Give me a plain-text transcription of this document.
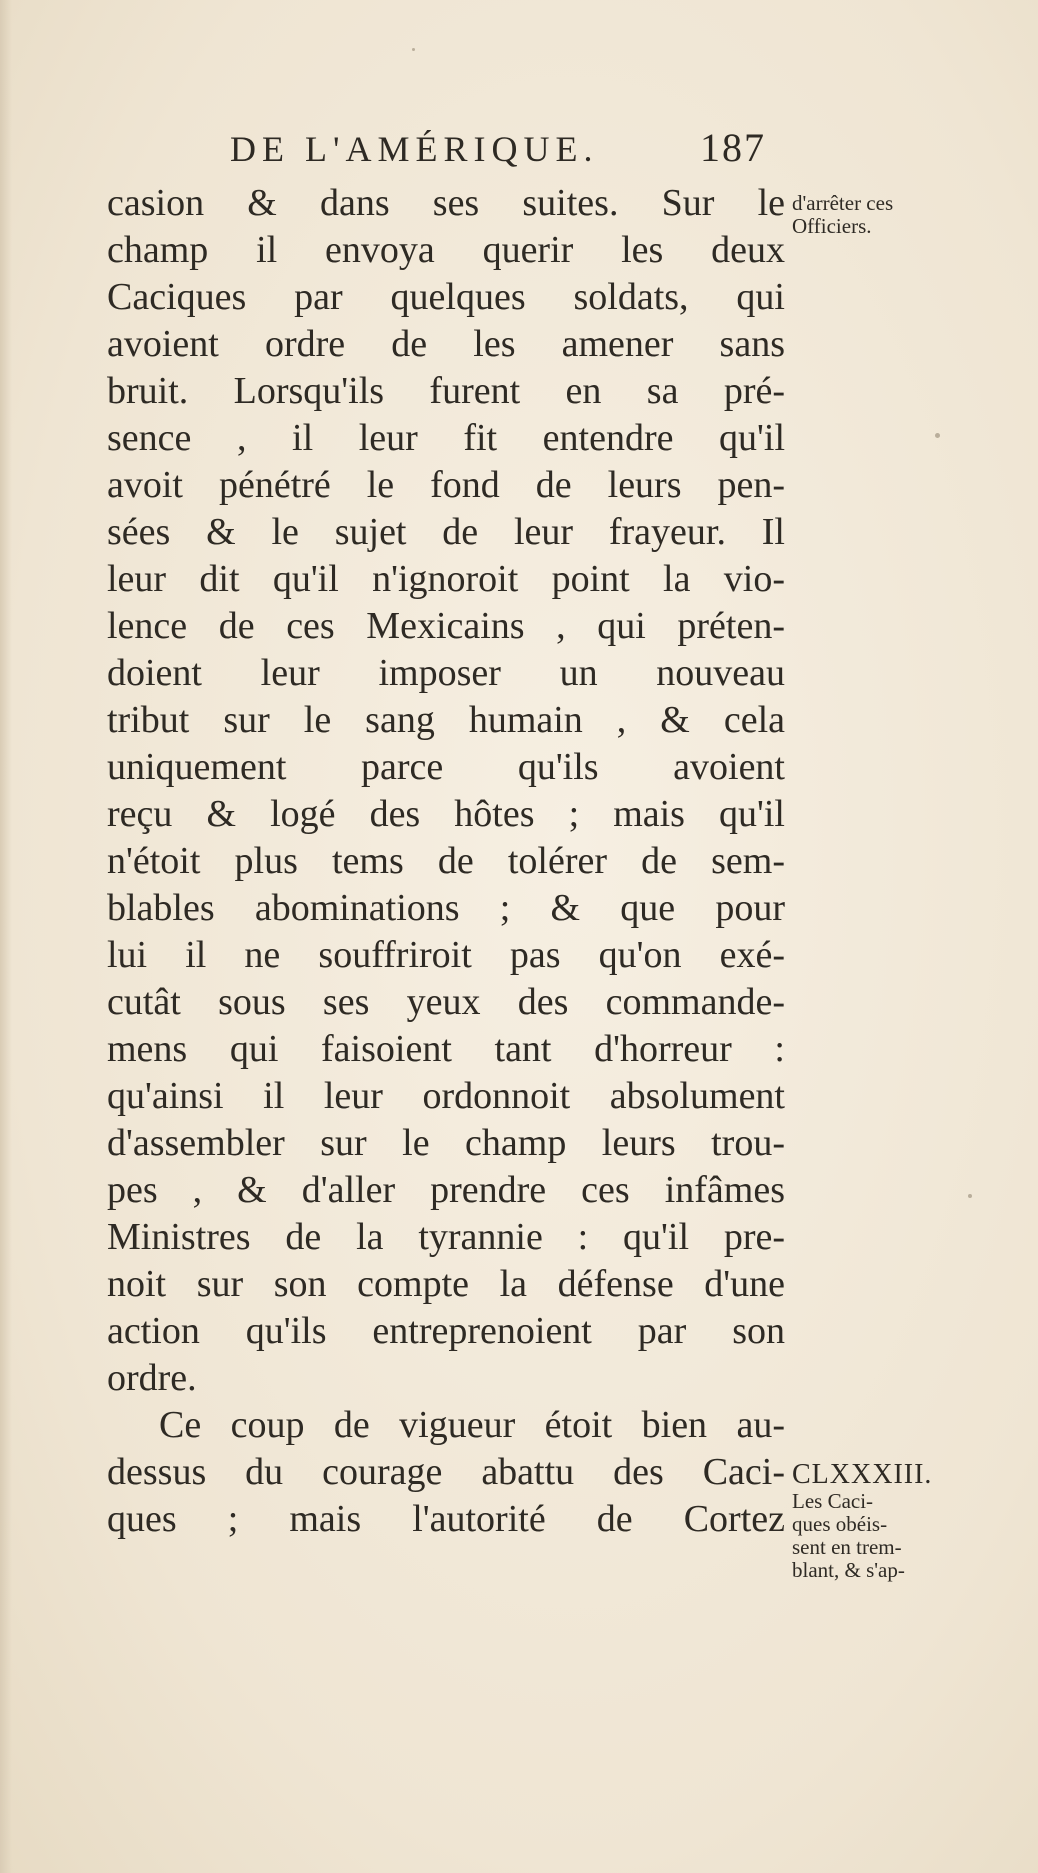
DE L'AMÉRIQUE.	187
casion & dans ses suites. Sur le
champ il envoya querir les deux
Caciques par quelques soldats, qui
avoient ordre de les amener sans
bruit. Lorsqu'ils furent en sa pré-
sence , il leur fit entendre qu'il
avoit pénétré le fond de leurs pen-
sées & le sujet de leur frayeur. Il
leur dit qu'il n'ignoroit point la vio-
lence de ces Mexicains , qui préten-
doient leur imposer un nouveau
tribut sur le sang humain , & cela
uniquement parce qu'ils avoient
reçu & logé des hôtes ; mais qu'il
n'étoit plus tems de tolérer de sem-
blables abominations ; & que pour
lui il ne souffriroit pas qu'on exé-
cutât sous ses yeux des commande-
mens qui faisoient tant d'horreur :
qu'ainsi il leur ordonnoit absolument
d'assembler sur le champ leurs trou-
pes , & d'aller prendre ces infâmes
Ministres de la tyrannie : qu'il pre-
noit sur son compte la défense d'une
action qu'ils entreprenoient par son
ordre.
Ce coup de vigueur étoit bien au-
dessus du courage abattu des Caci-
ques ; mais l'autorité de Cortez
d'arrêter ces
Officiers.
CLXXXIII.
Les Caci-
ques obéis-
sent en trem-
blant, & s'ap-
